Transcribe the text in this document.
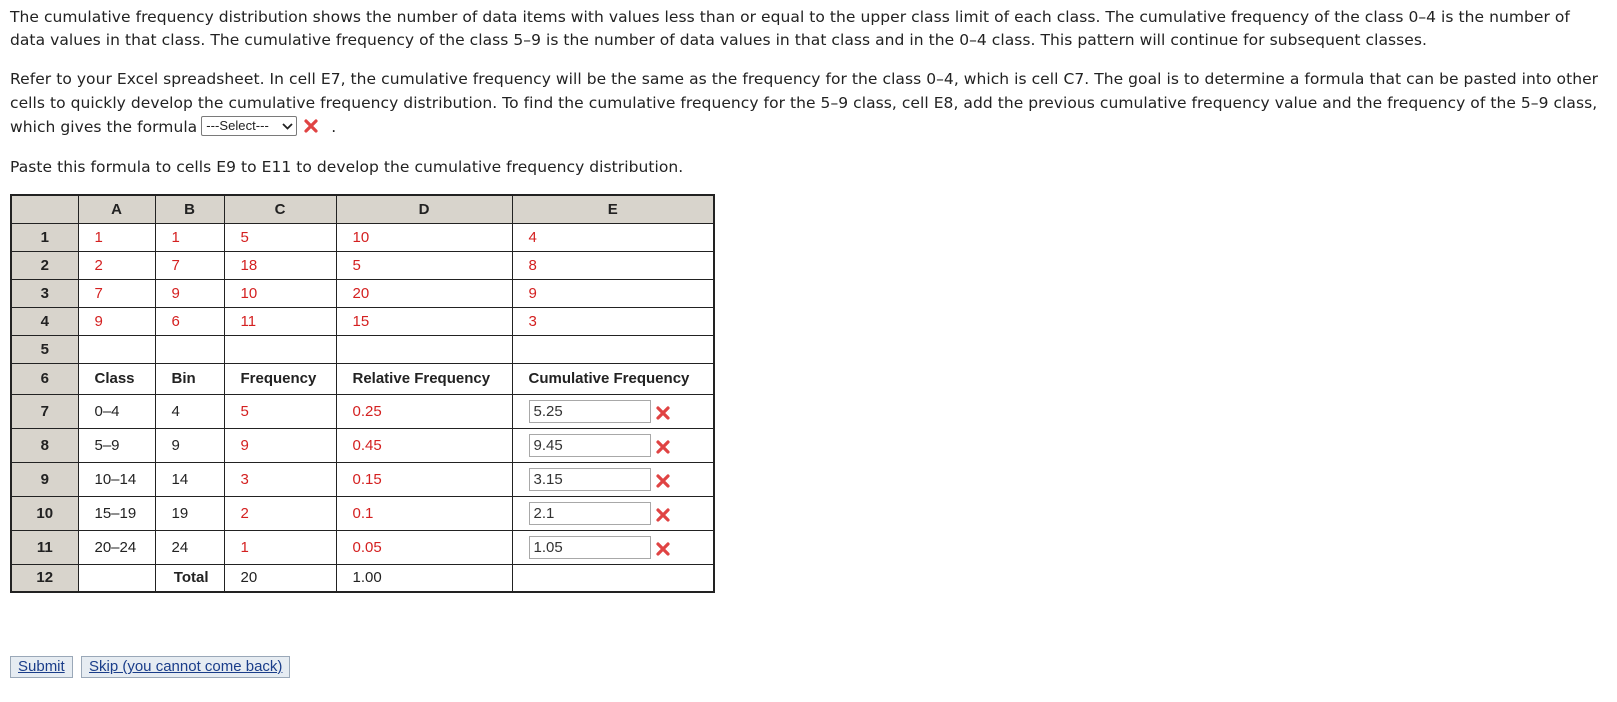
The cumulative frequency distribution shows the number of data items with values less than or equal to the upper class limit of each class. The cumulative frequency of the class 0–4 is the number of data values in that class. The cumulative frequency of the class 5–9 is the number of data values in that class and in the 0–4 class. This pattern will continue for subsequent classes.

Refer to your Excel spreadsheet. In cell E7, the cumulative frequency will be the same as the frequency for the class 0–4, which is cell C7. The goal is to determine a formula that can be pasted into other cells to quickly develop the cumulative frequency distribution. To find the cumulative frequency for the 5–9 class, cell E8, add the previous cumulative frequency value and the frequency of the 5–9 class, which gives the formula ---Select---	.

Paste this formula to cells E9 to E11 to develop the cumulative frequency distribution.

	A	B	C	D	E
1	1	1	5	10	4
2	2	7	18	5	8
3	7	9	10	20	9
4	9	6	11	15	3
5					
6	Class	Bin	Frequency	Relative Frequency	Cumulative Frequency
7	0–4	4	5	0.25	5.25
8	5–9	9	9	0.45	9.45
9	10–14	14	3	0.15	3.15
10	15–19	19	2	0.1	2.1
11	20–24	24	1	0.05	1.05
12		Total	20	1.00	
Submit	Skip (you cannot come back)
